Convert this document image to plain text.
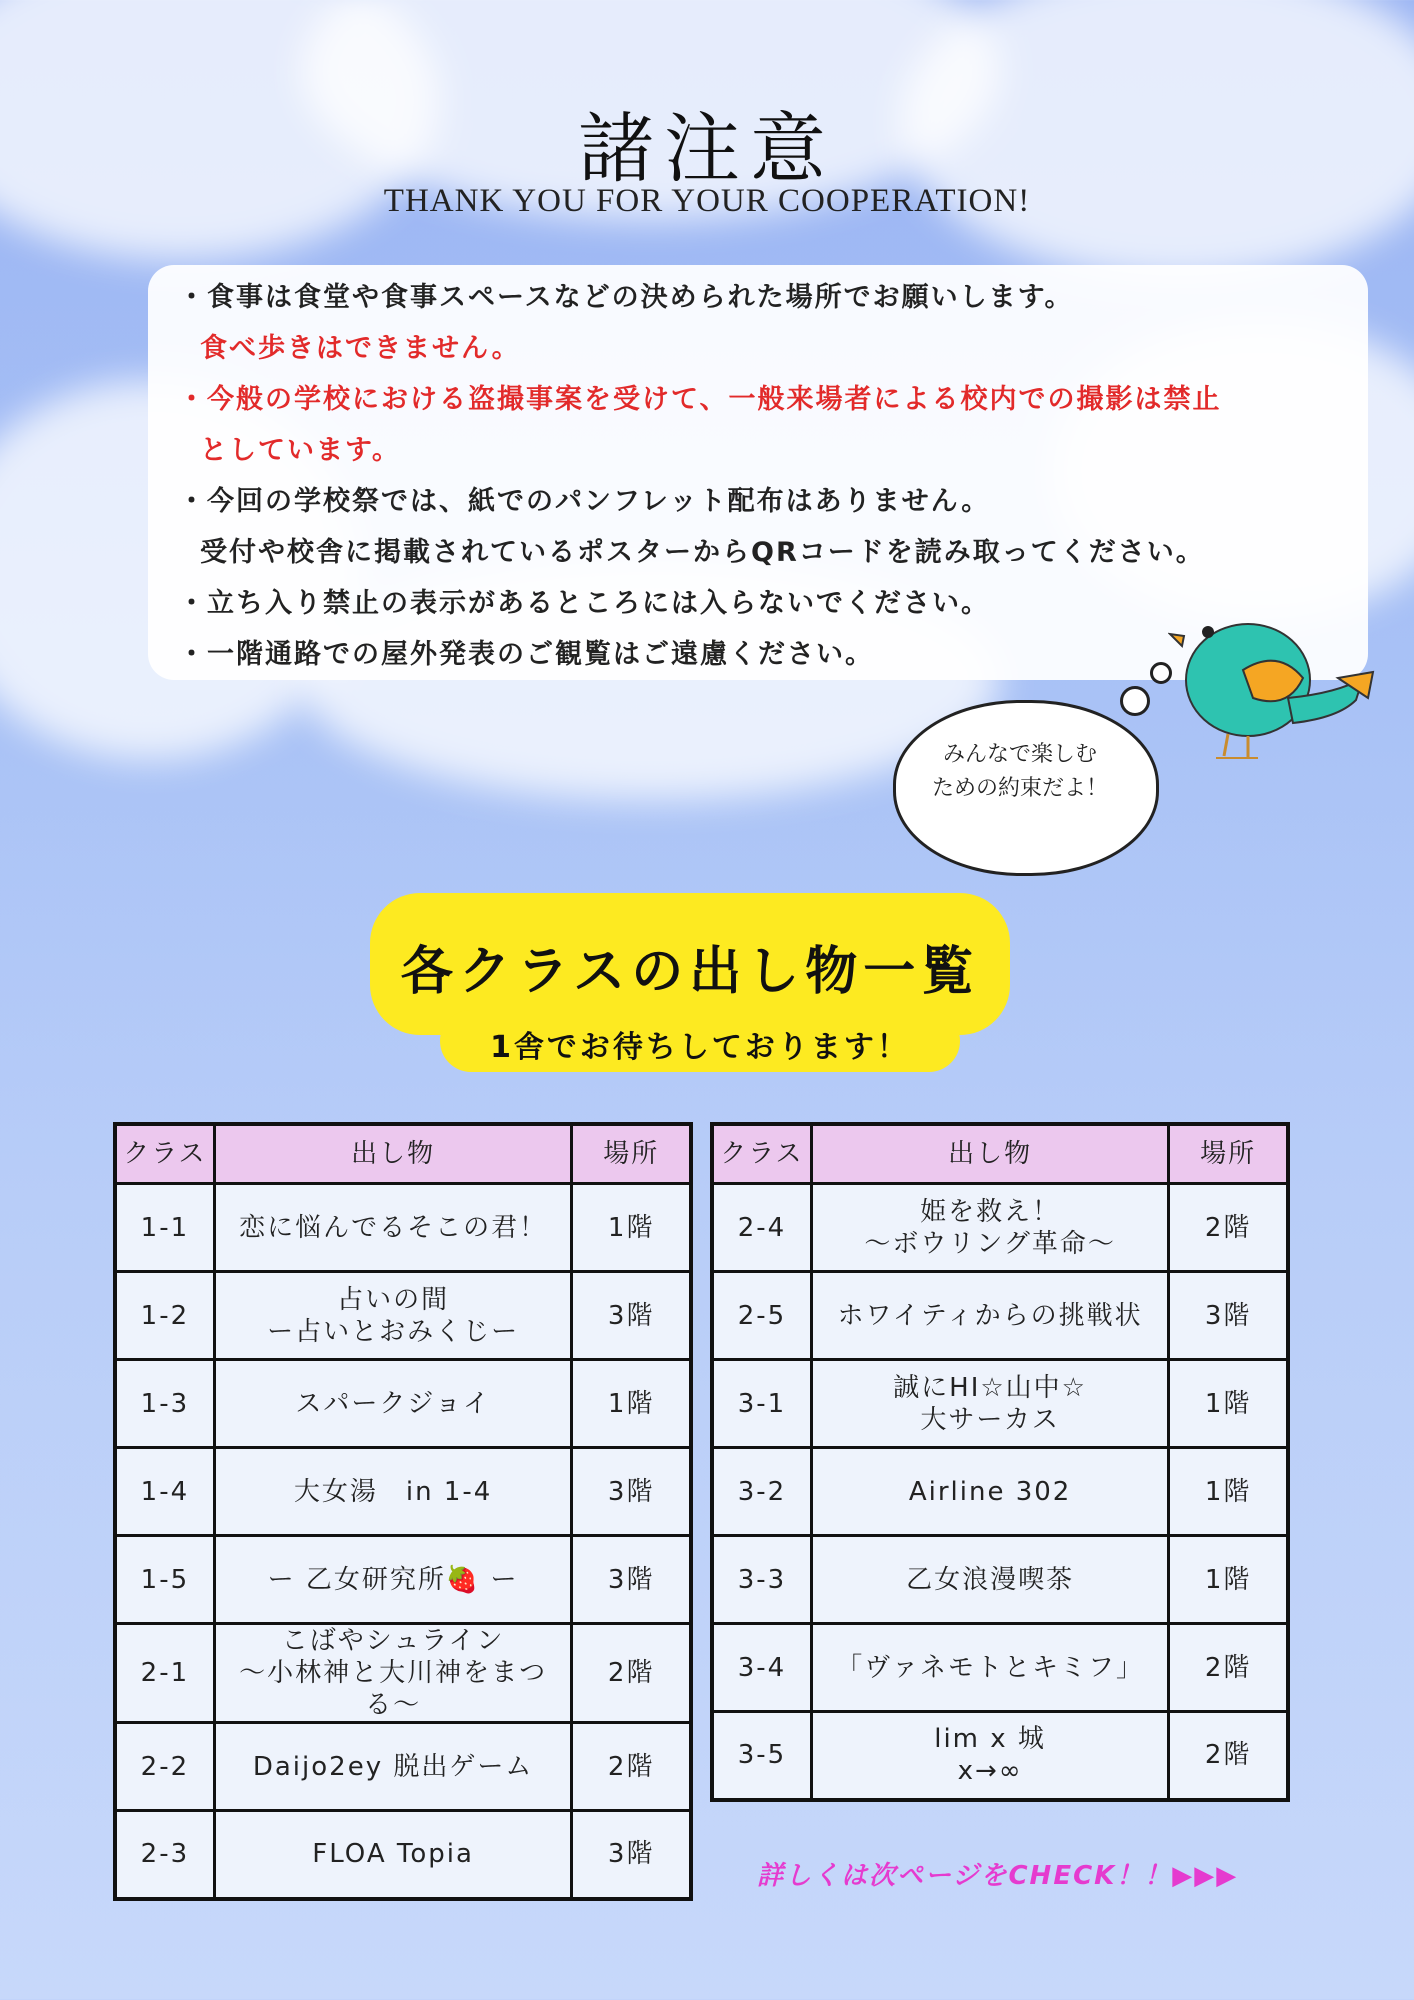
諸注意
THANK YOU FOR YOUR COOPERATION!
・食事は食堂や食事スペースなどの決められた場所でお願いします。
食べ歩きはできません。
・今般の学校における盗撮事案を受けて、一般来場者による校内での撮影は禁止
としています。
・今回の学校祭では、紙でのパンフレット配布はありません。
受付や校舎に掲載されているポスターからQRコードを読み取ってください。
・立ち入り禁止の表示があるところには入らないでください。
・一階通路での屋外発表のご観覧はご遠慮ください。
みんなで楽しむ
ための約束だよ！
各クラスの出し物一覧
1舎でお待ちしております！
クラス	出し物	場所
1-1	恋に悩んでるそこの君！	1階
1-2	占いの間
ー占いとおみくじー	3階
1-3	スパークジョイ	1階
1-4	大女湯　in 1-4	3階
1-5	ー 乙女研究所🍓 ー	3階
2-1	こばやシュライン
〜小林神と大川神をまつる〜	2階
2-2	Daijo2ey 脱出ゲーム	2階
2-3	FLOA Topia	3階
クラス	出し物	場所
2-4	姫を救え！
〜ボウリング革命〜	2階
2-5	ホワイティからの挑戦状	3階
3-1	誠にHI☆山中☆
大サーカス	1階
3-2	Airline 302	1階
3-3	乙女浪漫喫茶	1階
3-4	「ヴァネモトとキミフ」	2階
3-5	lim x 城
x→∞	2階
詳しくは次ページをCHECK！！▶▶▶
